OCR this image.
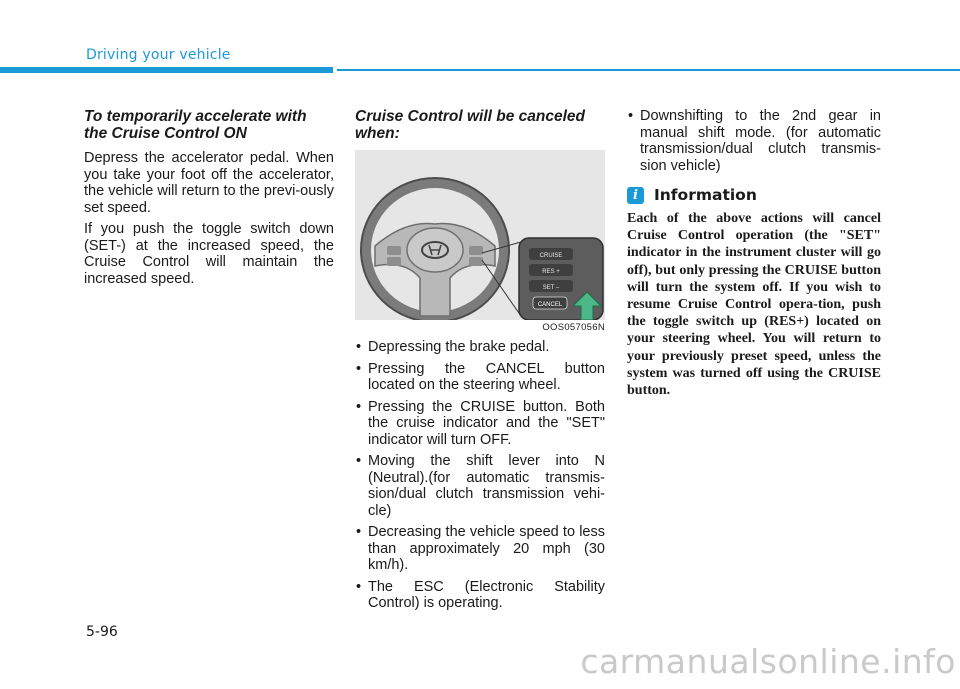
Driving your vehicle
To temporarily accelerate with the Cruise Control ON

Depress the accelerator pedal. When you take your foot off the accelerator, the vehicle will return to the previ-ously set speed.

If you push the toggle switch down (SET-) at the increased speed, the Cruise Control will maintain the increased speed.

Cruise Control will be canceled when:
CRUISE
RES +
SET –
CANCEL
OOS057056N
• Depressing the brake pedal.
• Pressing the CANCEL button located on the steering wheel.
• Pressing the CRUISE button. Both the cruise indicator and the "SET" indicator will turn OFF.
• Moving the shift lever into N (Neutral).(for automatic transmis-sion/dual clutch transmission vehi-cle)
• Decreasing the vehicle speed to less than approximately 20 mph (30 km/h).
• The ESC (Electronic Stability Control) is operating.
• Downshifting to the 2nd gear in manual shift mode. (for automatic transmission/dual clutch transmis-sion vehicle)
i	Information

Each of the above actions will cancel Cruise Control operation (the "SET" indicator in the instrument cluster will go off), but only pressing the CRUISE button will turn the system off. If you wish to resume Cruise Control opera-tion, push the toggle switch up (RES+) located on your steering wheel. You will return to your previously preset speed, unless the system was turned off using the CRUISE button.

5-96
carmanualsonline.info
